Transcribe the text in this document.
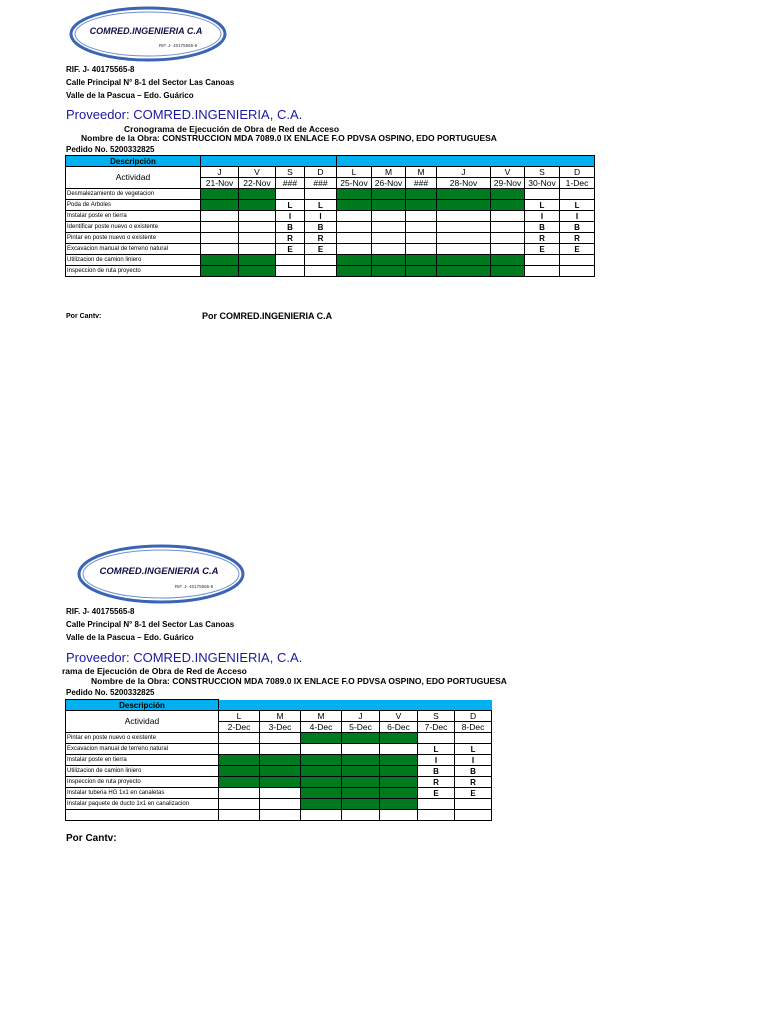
COMRED.INGENIERIA C.A
RIF. J- 40175565-8
RIF. J- 40175565-8
Calle Principal N° 8-1 del Sector Las Canoas
Valle de la Pascua – Edo. Guárico
Proveedor: COMRED.INGENIERIA, C.A.
Cronograma de Ejecución de Obra de Red de Acceso
Nombre de la Obra: CONSTRUCCION MDA 7089.0 IX ENLACE F.O PDVSA OSPINO, EDO PORTUGUESA
Pedido No. 5200332825
Descripción											
Actividad	J	V	S	D	L	M	M	J	V	S	D
	21-Nov	22-Nov	###	###	25-Nov	26-Nov	###	28-Nov	29-Nov	30-Nov	1-Dec
Desmalezamiento de vegetacion											
Poda de Arboles			L	L						L	L
Instalar poste en tierra			I	I						I	I
Identificar poste nuevo o existente			B	B						B	B
Pintar en poste nuevo o existente			R	R						R	R
Excavacion manual de terreno natural			E	E						E	E
Utilizacion de camion liniero											
Inspeccion de ruta proyecto											
Por Cantv:	Por COMRED.INGENIERIA C.A
COMRED.INGENIERIA C.A
RIF. J- 40175565-8
RIF. J- 40175565-8
Calle Principal N° 8-1 del Sector Las Canoas
Valle de la Pascua – Edo. Guárico
Proveedor: COMRED.INGENIERIA, C.A.
rama de Ejecución de Obra de Red de Acceso
Nombre de la Obra: CONSTRUCCION MDA 7089.0 IX ENLACE F.O PDVSA OSPINO, EDO PORTUGUESA
Pedido No. 5200332825
Descripción							
Actividad	L	M	M	J	V	S	D
	2-Dec	3-Dec	4-Dec	5-Dec	6-Dec	7-Dec	8-Dec
Pintar en poste nuevo o existente							
Excavacion manual de terreno natural						L	L
Instalar poste en tierra						I	I
Utilizacion de camion liniero						B	B
Inspeccion de ruta proyecto						R	R
Instalar tuberia HG 1x1 en canaletas						E	E
Instalar paquete de ducto 1x1 en canalizacion							

Por Cantv:
